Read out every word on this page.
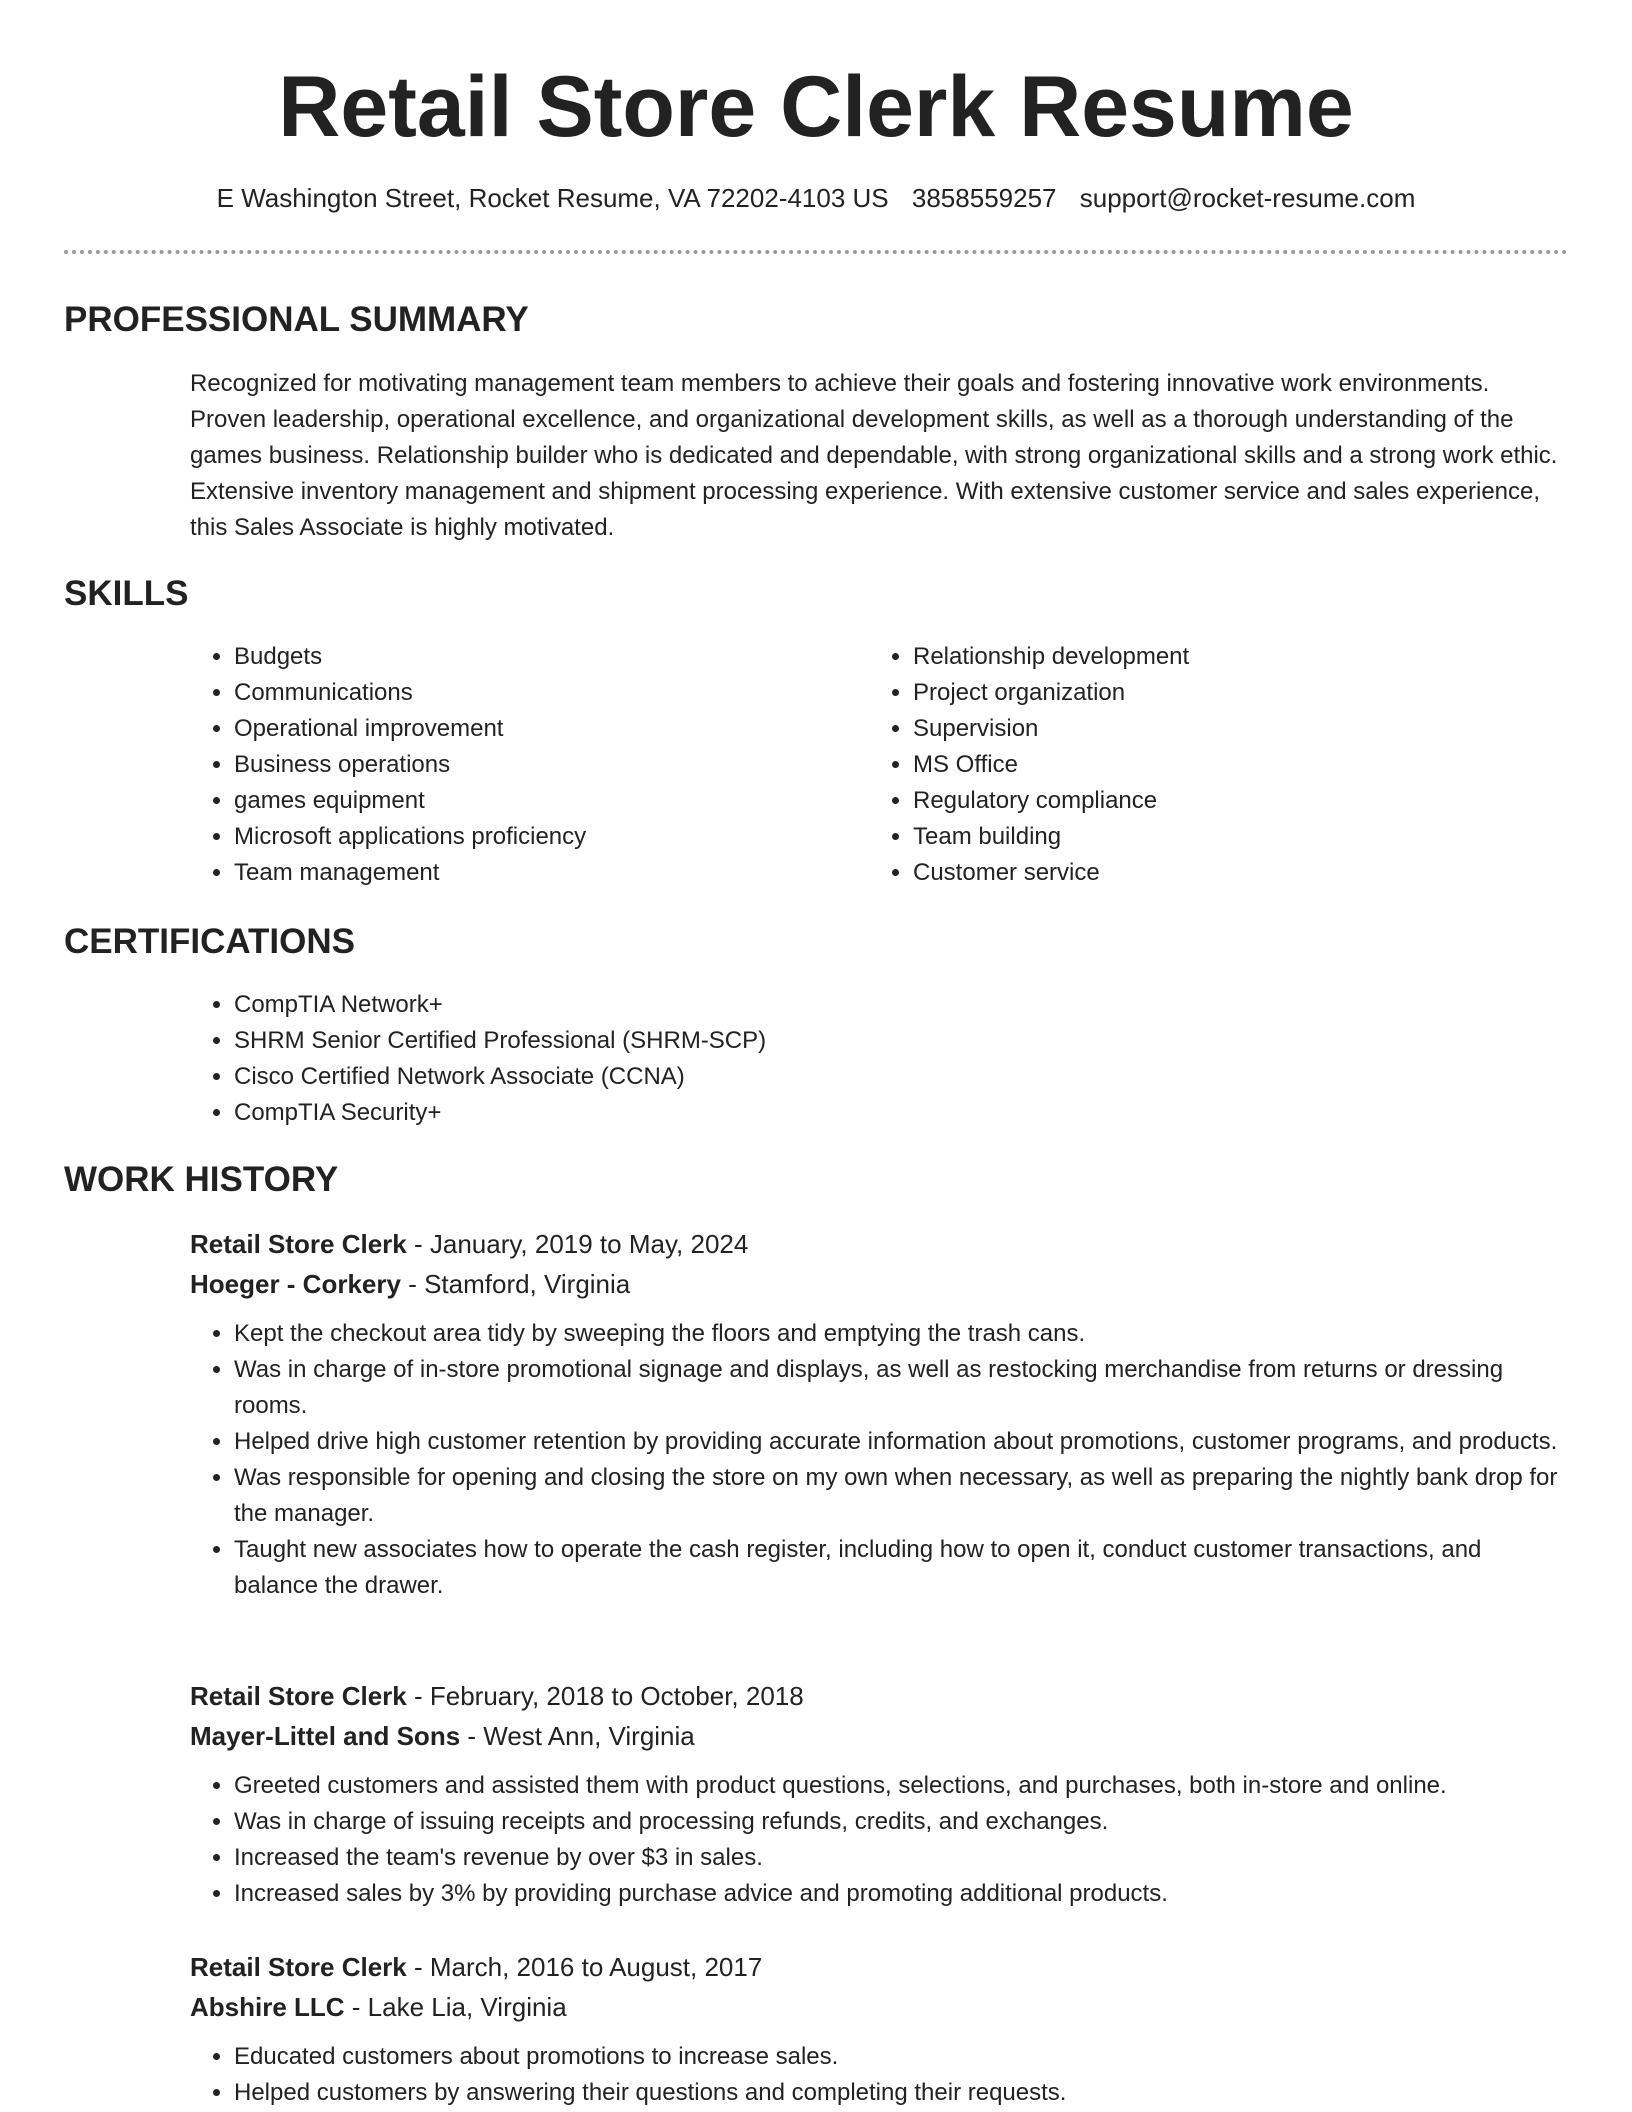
Retail Store Clerk Resume
E Washington Street, Rocket Resume, VA 72202-4103 US 3858559257 support@rocket-resume.com
PROFESSIONAL SUMMARY

Recognized for motivating management team members to achieve their goals and fostering innovative work environments. Proven leadership, operational excellence, and organizational development skills, as well as a thorough understanding of the games business. Relationship builder who is dedicated and dependable, with strong organizational skills and a strong work ethic. Extensive inventory management and shipment processing experience. With extensive customer service and sales experience, this Sales Associate is highly motivated.

SKILLS
• Budgets
• Communications
• Operational improvement
• Business operations
• games equipment
• Microsoft applications proficiency
• Team management
• Relationship development
• Project organization
• Supervision
• MS Office
• Regulatory compliance
• Team building
• Customer service
CERTIFICATIONS
• CompTIA Network+
• SHRM Senior Certified Professional (SHRM-SCP)
• Cisco Certified Network Associate (CCNA)
• CompTIA Security+
WORK HISTORY

Retail Store Clerk - January, 2019 to May, 2024

Hoeger - Corkery - Stamford, Virginia

• Kept the checkout area tidy by sweeping the floors and emptying the trash cans.
• Was in charge of in-store promotional signage and displays, as well as restocking merchandise from returns or dressing rooms.
• Helped drive high customer retention by providing accurate information about promotions, customer programs, and products.
• Was responsible for opening and closing the store on my own when necessary, as well as preparing the nightly bank drop for the manager.
• Taught new associates how to operate the cash register, including how to open it, conduct customer transactions, and balance the drawer.

Retail Store Clerk - February, 2018 to October, 2018

Mayer-Littel and Sons - West Ann, Virginia

• Greeted customers and assisted them with product questions, selections, and purchases, both in-store and online.
• Was in charge of issuing receipts and processing refunds, credits, and exchanges.
• Increased the team's revenue by over $3 in sales.
• Increased sales by 3% by providing purchase advice and promoting additional products.

Retail Store Clerk - March, 2016 to August, 2017

Abshire LLC - Lake Lia, Virginia

• Educated customers about promotions to increase sales.
• Helped customers by answering their questions and completing their requests.
